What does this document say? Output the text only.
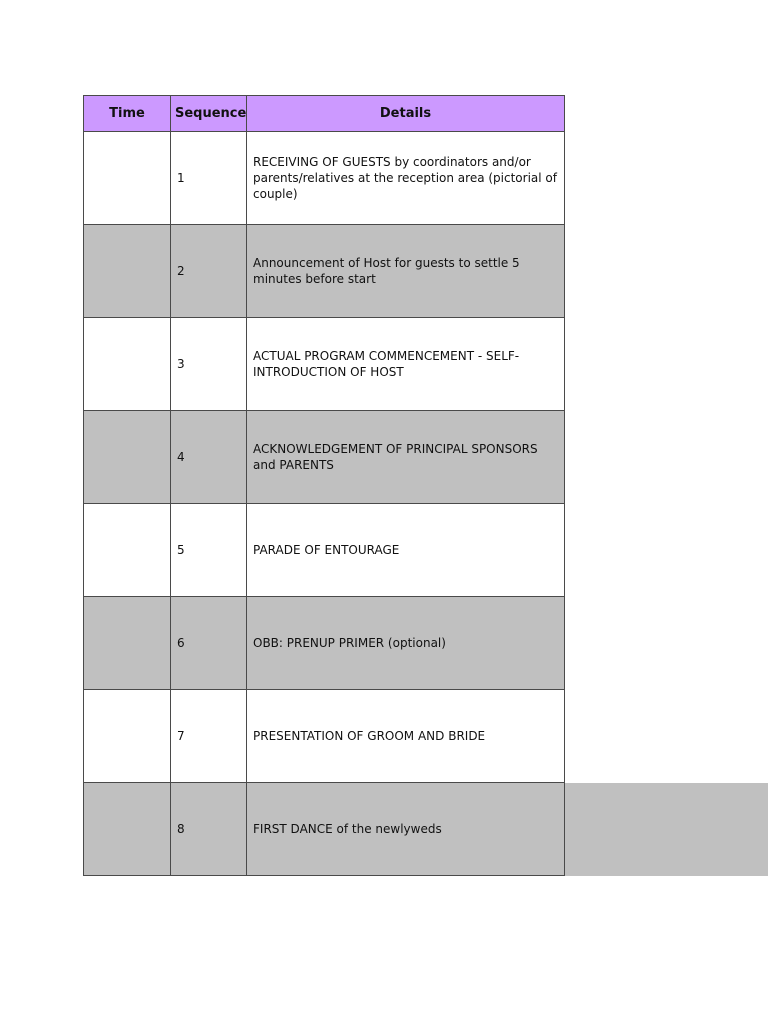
Time	Sequence	Details
	1	RECEIVING OF GUESTS by coordinators and/or parents/relatives at the reception area (pictorial of couple)
	2	Announcement of Host for guests to settle 5 minutes before start
	3	ACTUAL PROGRAM COMMENCEMENT - SELF-INTRODUCTION OF HOST
	4	ACKNOWLEDGEMENT OF PRINCIPAL SPONSORS and PARENTS
	5	PARADE OF ENTOURAGE
	6	OBB: PRENUP PRIMER (optional)
	7	PRESENTATION OF GROOM AND BRIDE
	8	FIRST DANCE of the newlyweds
